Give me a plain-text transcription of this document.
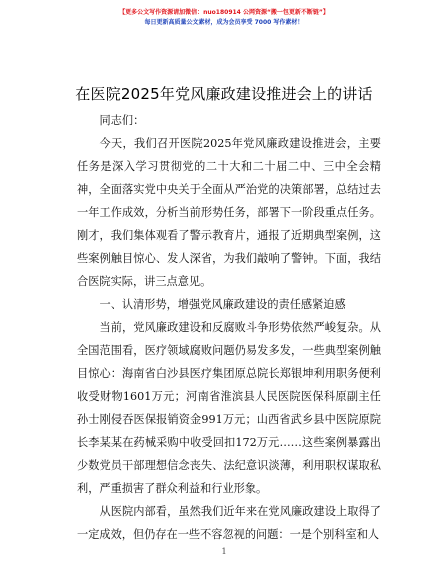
【更多公文写作资源请加微信：nuo180914 公网资源“搬一包更新不断链”】
每日更新高质量公文素材，成为会员享受 7000 写作素材！
在医院2025年党风廉政建设推进会上的讲话

同志们：

今天，我们召开医院2025年党风廉政建设推进会，主要任务是深入学习贯彻党的二十大和二十届二中、三中全会精神，全面落实党中央关于全面从严治党的决策部署，总结过去一年工作成效，分析当前形势任务，部署下一阶段重点任务。刚才，我们集体观看了警示教育片，通报了近期典型案例，这些案例触目惊心、发人深省，为我们敲响了警钟。下面，我结合医院实际，讲三点意见。

一、认清形势，增强党风廉政建设的责任感紧迫感

当前，党风廉政建设和反腐败斗争形势依然严峻复杂。从全国范围看，医疗领域腐败问题仍易发多发，一些典型案例触目惊心：海南省白沙县医疗集团原总院长郑银坤利用职务便利收受财物1601万元；河南省淮滨县人民医院医保科原副主任孙士刚侵吞医保报销资金991万元；山西省武乡县中医院原院长李某某在药械采购中收受回扣172万元……这些案例暴露出少数党员干部理想信念丧失、法纪意识淡薄，利用职权谋取私利，严重损害了群众利益和行业形象。

从医院内部看，虽然我们近年来在党风廉政建设上取得了一定成效，但仍存在一些不容忽视的问题：一是个别科室和人

1
